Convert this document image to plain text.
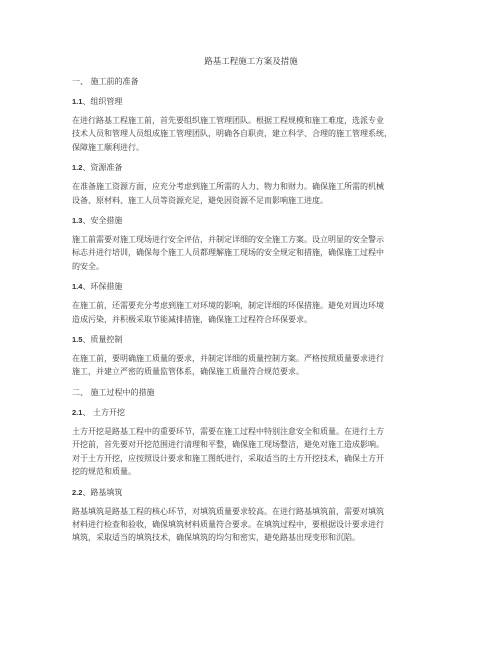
路基工程施工方案及措施
一、 施工前的准备
1.1、组织管理
在进行路基工程施工前，首先要组织施工管理团队。根据工程规模和施工难度，选派专业
技术人员和管理人员组成施工管理团队，明确各自职责，建立科学、合理的施工管理系统，
保障施工顺利进行。
1.2、资源准备
在准备施工资源方面，应充分考虑到施工所需的人力、物力和财力。确保施工所需的机械
设备、原材料、施工人员等资源充足，避免因资源不足而影响施工进度。
1.3、安全措施
施工前需要对施工现场进行安全评估，并制定详细的安全施工方案。设立明显的安全警示
标志并进行培训，确保每个施工人员都理解施工现场的安全规定和措施，确保施工过程中
的安全。
1.4、环保措施
在施工前，还需要充分考虑到施工对环境的影响，制定详细的环保措施。避免对周边环境
造成污染，并积极采取节能减排措施，确保施工过程符合环保要求。
1.5、质量控制
在施工前，要明确施工质量的要求，并制定详细的质量控制方案。严格按照质量要求进行
施工，并建立严密的质量监管体系，确保施工质量符合规范要求。
二、 施工过程中的措施
2.1、 土方开挖
土方开挖是路基工程中的重要环节，需要在施工过程中特别注意安全和质量。在进行土方
开挖前，首先要对开挖范围进行清理和平整，确保施工现场整洁，避免对施工造成影响。
对于土方开挖，应按照设计要求和施工图纸进行，采取适当的土方开挖技术，确保土方开
挖的规范和质量。
2.2、路基填筑
路基填筑是路基工程的核心环节，对填筑质量要求较高。在进行路基填筑前，需要对填筑
材料进行检查和验收，确保填筑材料质量符合要求。在填筑过程中，要根据设计要求进行
填筑，采取适当的填筑技术，确保填筑的均匀和密实，避免路基出现变形和沉陷。
